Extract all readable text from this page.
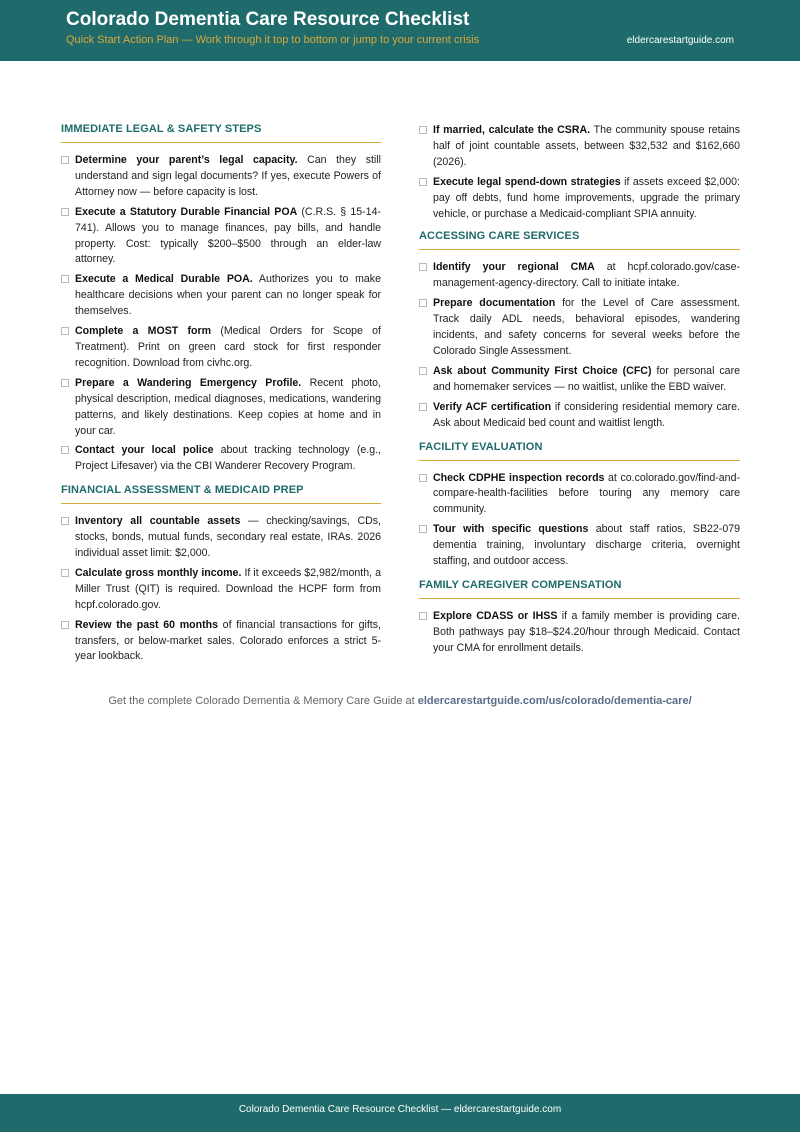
Colorado Dementia Care Resource Checklist
Quick Start Action Plan — Work through it top to bottom or jump to your current crisis	eldercarestartguide.com
IMMEDIATE LEGAL & SAFETY STEPS
Determine your parent’s legal capacity. Can they still understand and sign legal documents? If yes, execute Powers of Attorney now — before capacity is lost.
Execute a Statutory Durable Financial POA (C.R.S. § 15-14-741). Allows you to manage finances, pay bills, and handle property. Cost: typically $200–$500 through an elder-law attorney.
Execute a Medical Durable POA. Authorizes you to make healthcare decisions when your parent can no longer speak for themselves.
Complete a MOST form (Medical Orders for Scope of Treatment). Print on green card stock for first responder recognition. Download from civhc.org.
Prepare a Wandering Emergency Profile. Recent photo, physical description, medical diagnoses, medications, wandering patterns, and likely destinations. Keep copies at home and in your car.
Contact your local police about tracking technology (e.g., Project Lifesaver) via the CBI Wanderer Recovery Program.
FINANCIAL ASSESSMENT & MEDICAID PREP
Inventory all countable assets — checking/savings, CDs, stocks, bonds, mutual funds, secondary real estate, IRAs. 2026 individual asset limit: $2,000.
Calculate gross monthly income. If it exceeds $2,982/month, a Miller Trust (QIT) is required. Download the HCPF form from hcpf.colorado.gov.
Review the past 60 months of financial transactions for gifts, transfers, or below-market sales. Colorado enforces a strict 5-year lookback.
If married, calculate the CSRA. The community spouse retains half of joint countable assets, between $32,532 and $162,660 (2026).
Execute legal spend-down strategies if assets exceed $2,000: pay off debts, fund home improvements, upgrade the primary vehicle, or purchase a Medicaid-compliant SPIA annuity.
ACCESSING CARE SERVICES
Identify your regional CMA at hcpf.colorado.gov/case-management-agency-directory. Call to initiate intake.
Prepare documentation for the Level of Care assessment. Track daily ADL needs, behavioral episodes, wandering incidents, and safety concerns for several weeks before the Colorado Single Assessment.
Ask about Community First Choice (CFC) for personal care and homemaker services — no waitlist, unlike the EBD waiver.
Verify ACF certification if considering residential memory care. Ask about Medicaid bed count and waitlist length.
FACILITY EVALUATION
Check CDPHE inspection records at co.colorado.gov/find-and-compare-health-facilities before touring any memory care community.
Tour with specific questions about staff ratios, SB22-079 dementia training, involuntary discharge criteria, overnight staffing, and outdoor access.
FAMILY CAREGIVER COMPENSATION
Explore CDASS or IHSS if a family member is providing care. Both pathways pay $18–$24.20/hour through Medicaid. Contact your CMA for enrollment details.
Get the complete Colorado Dementia & Memory Care Guide at eldercarestartguide.com/us/colorado/dementia-care/
Colorado Dementia Care Resource Checklist — eldercarestartguide.com
